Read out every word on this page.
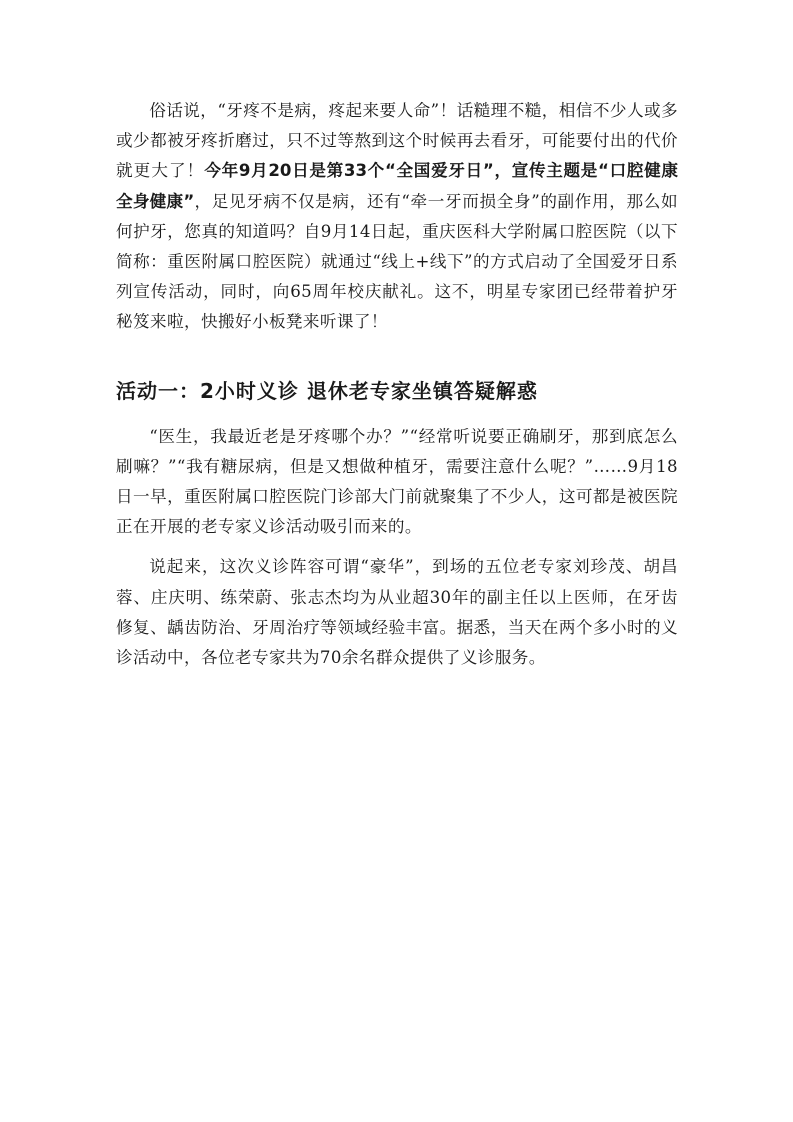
俗话说，“牙疼不是病，疼起来要人命”！话糙理不糙，相信不少人或多或少都被牙疼折磨过，只不过等熬到这个时候再去看牙，可能要付出的代价就更大了！今年9月20日是第33个“全国爱牙日”，宣传主题是“口腔健康 全身健康”，足见牙病不仅是病，还有“牵一牙而损全身”的副作用，那么如何护牙，您真的知道吗？自9月14日起，重庆医科大学附属口腔医院（以下简称：重医附属口腔医院）就通过“线上+线下”的方式启动了全国爱牙日系列宣传活动，同时，向65周年校庆献礼。这不，明星专家团已经带着护牙秘笈来啦，快搬好小板凳来听课了！

活动一：2小时义诊 退休老专家坐镇答疑解惑

“医生，我最近老是牙疼哪个办？”“经常听说要正确刷牙，那到底怎么刷嘛？”“我有糖尿病，但是又想做种植牙，需要注意什么呢？”……9月18日一早，重医附属口腔医院门诊部大门前就聚集了不少人，这可都是被医院正在开展的老专家义诊活动吸引而来的。

说起来，这次义诊阵容可谓“豪华”，到场的五位老专家刘珍茂、胡昌蓉、庄庆明、练荣蔚、张志杰均为从业超30年的副主任以上医师，在牙齿修复、龋齿防治、牙周治疗等领域经验丰富。据悉，当天在两个多小时的义诊活动中，各位老专家共为70余名群众提供了义诊服务。
